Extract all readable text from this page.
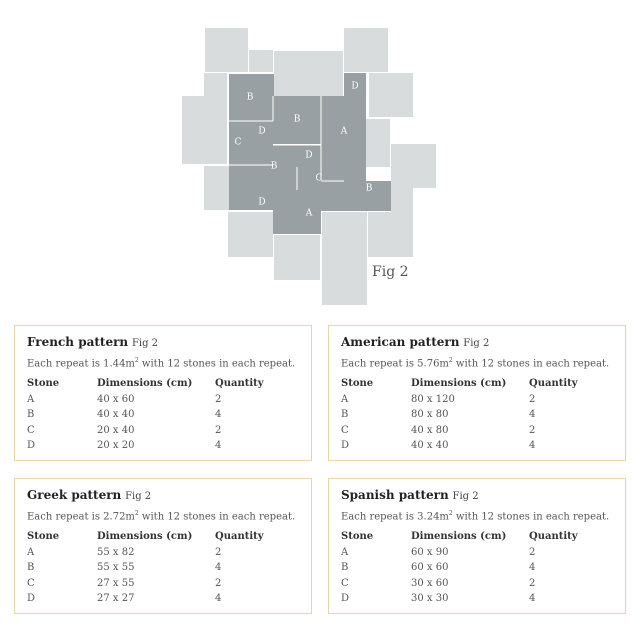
B
D
D
B
A
C
D
B
C
B
D
A
Fig 2
French pattern Fig 2
Each repeat is $1.44m^2$ with 12 stones in each repeat.
Stone	Dimensions (cm)	Quantity
A	40 x 60	2
B	40 x 40	4
C	20 x 40	2
D	20 x 20	4
American pattern Fig 2
Each repeat is $5.76m^2$ with 12 stones in each repeat.
Stone	Dimensions (cm)	Quantity
A	80 x 120	2
B	80 x 80	4
C	40 x 80	2
D	40 x 40	4
Greek pattern Fig 2
Each repeat is $2.72m^2$ with 12 stones in each repeat.
Stone	Dimensions (cm)	Quantity
A	55 x 82	2
B	55 x 55	4
C	27 x 55	2
D	27 x 27	4
Spanish pattern Fig 2
Each repeat is $3.24m^2$ with 12 stones in each repeat.
Stone	Dimensions (cm)	Quantity
A	60 x 90	2
B	60 x 60	4
C	30 x 60	2
D	30 x 30	4
